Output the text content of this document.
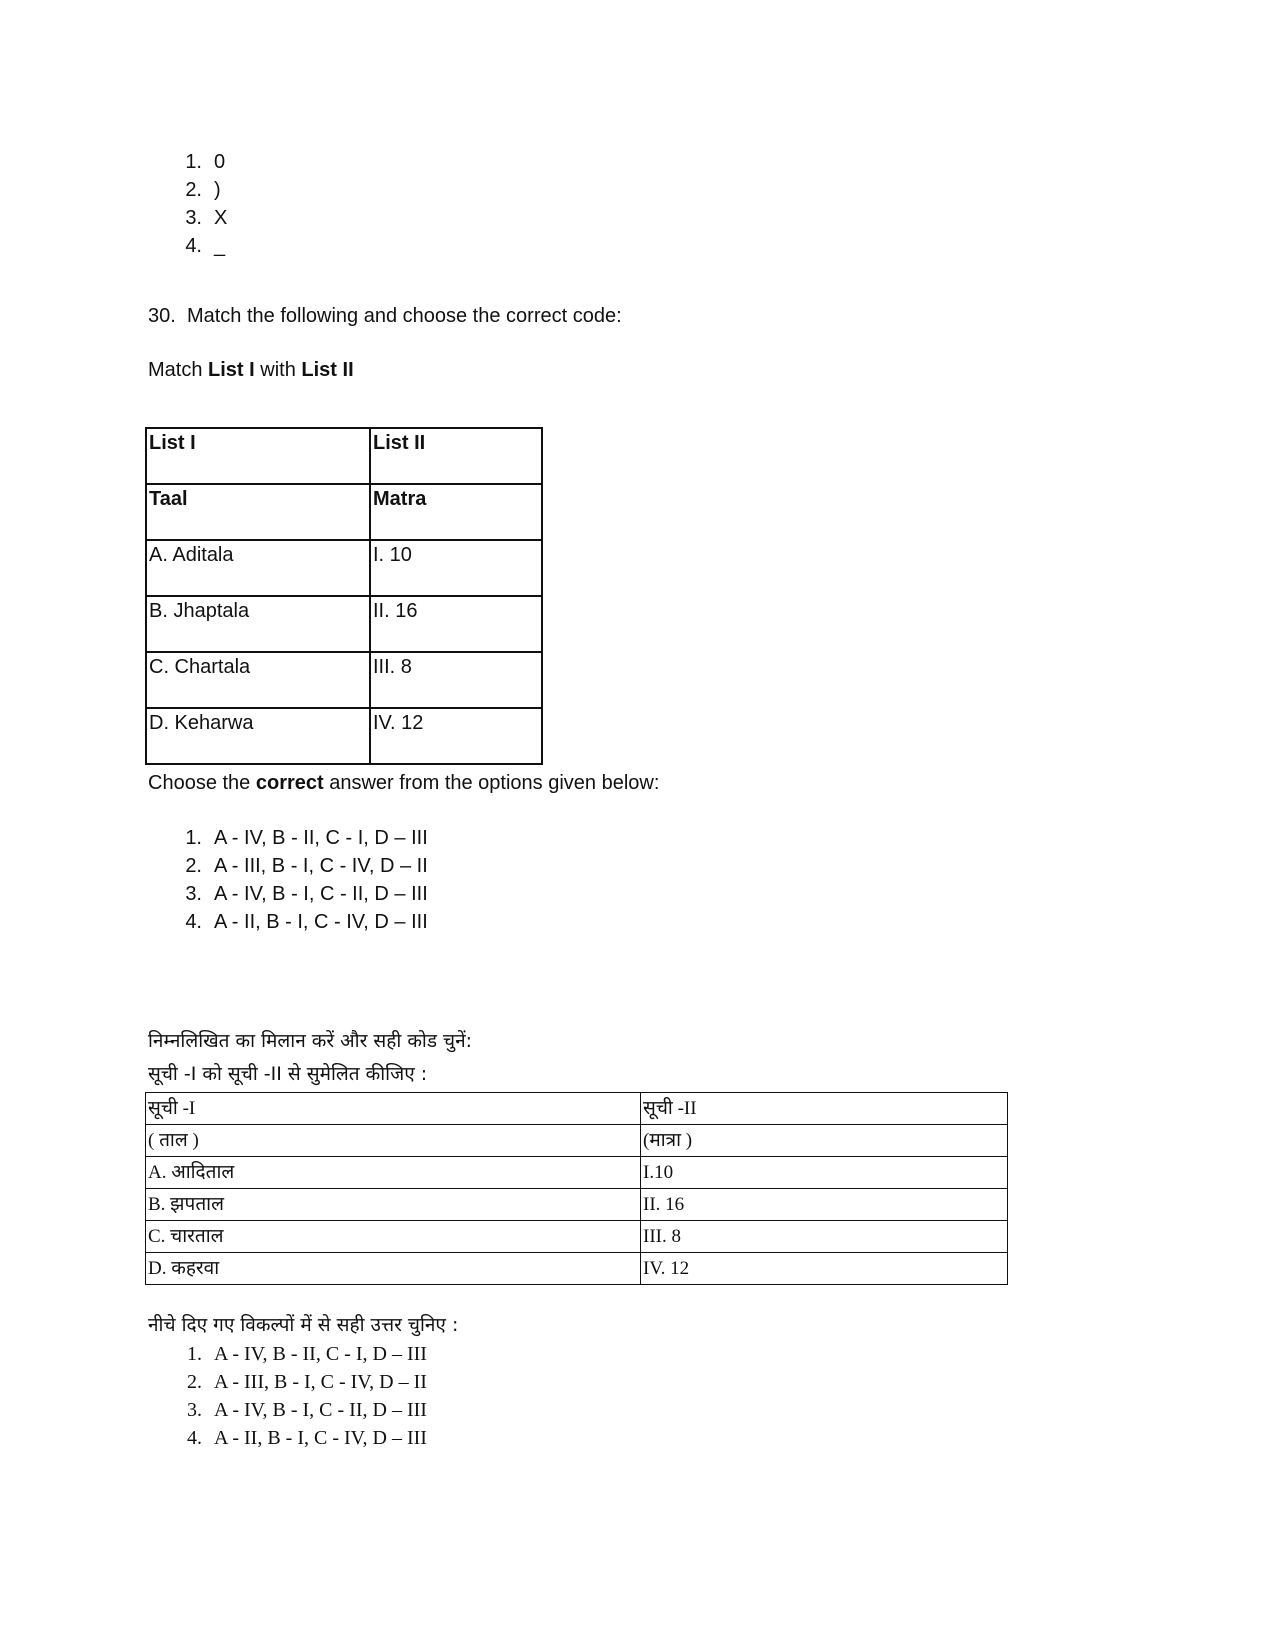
1. 0
2. )
3. X
4. _
30. Match the following and choose the correct code:
Match List I with List II
List I	List II
Taal	Matra
A. Aditala	I. 10
B. Jhaptala	II. 16
C. Chartala	III. 8
D. Keharwa	IV. 12
Choose the correct answer from the options given below:
1. A - IV, B - II, C - I, D – III
2. A - III, B - I, C - IV, D – II
3. A - IV, B - I, C - II, D – III
4. A - II, B - I, C - IV, D – III
निम्नलिखित का मिलान करें और सही कोड चुनें:
सूची -I को सूची -II से सुमेलित कीजिए :
सूची -I	सूची -II
( ताल )	(मात्रा )
A. आदिताल	I.10
B. झपताल	II. 16
C. चारताल	III. 8
D. कहरवा	IV. 12
नीचे दिए गए विकल्पों में से सही उत्तर चुनिए :
1. A - IV, B - II, C - I, D – III
2. A - III, B - I, C - IV, D – II
3. A - IV, B - I, C - II, D – III
4. A - II, B - I, C - IV, D – III
